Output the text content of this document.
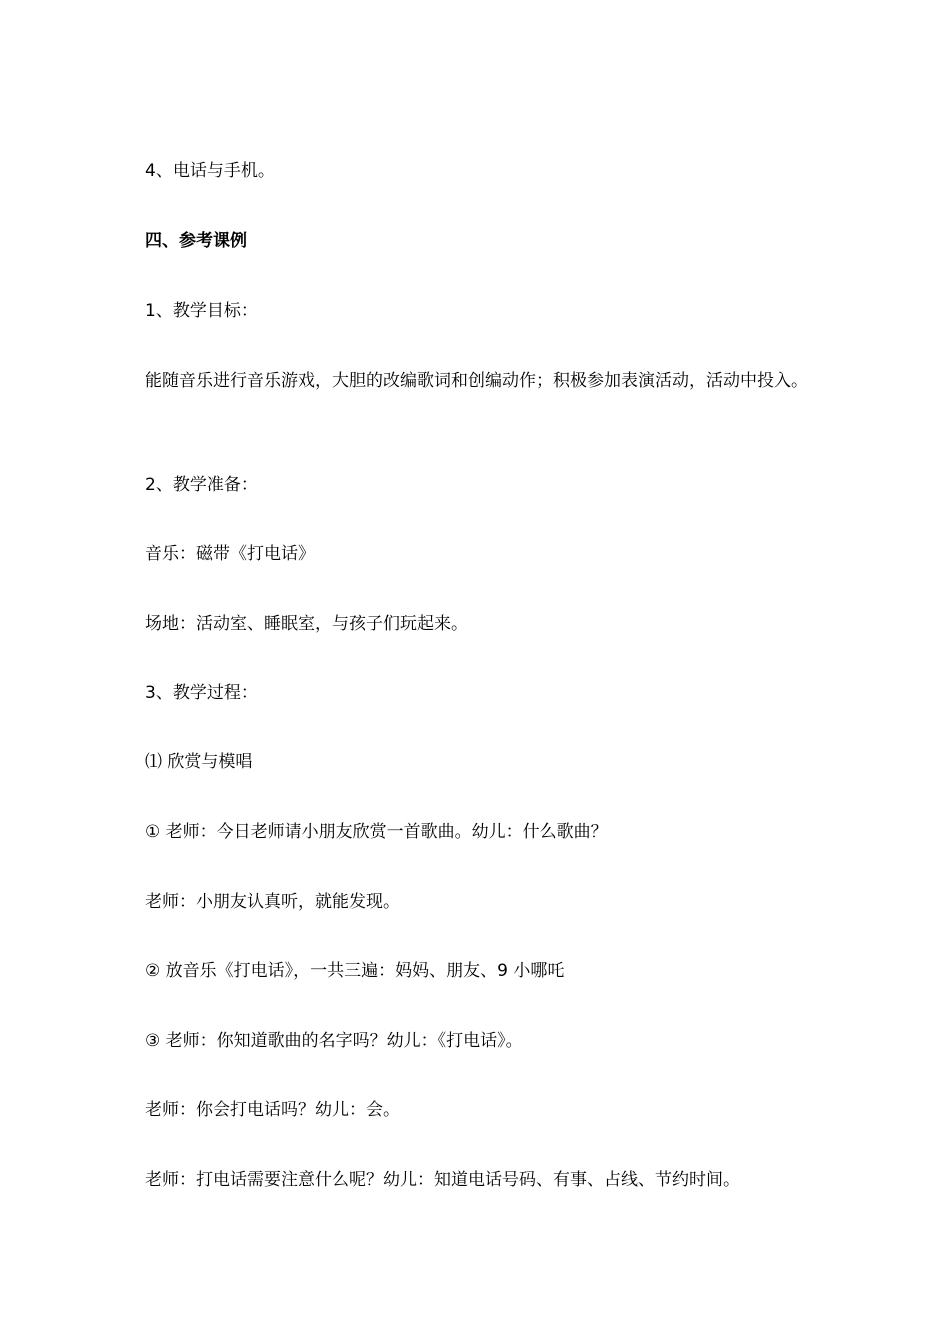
4、电话与手机。
四、参考课例
1、教学目标：
能随音乐进行音乐游戏，大胆的改编歌词和创编动作；积极参加表演活动，活动中投入。
2、教学准备：
音乐：磁带《打电话》
场地：活动室、睡眠室，与孩子们玩起来。
3、教学过程：
⑴ 欣赏与模唱
① 老师：今日老师请小朋友欣赏一首歌曲。幼儿：什么歌曲？
老师：小朋友认真听，就能发现。
② 放音乐《打电话》，一共三遍：妈妈、朋友、9 小哪吒
③ 老师：你知道歌曲的名字吗？幼儿：《打电话》。
老师：你会打电话吗？幼儿：会。
老师：打电话需要注意什么呢？幼儿：知道电话号码、有事、占线、节约时间。
